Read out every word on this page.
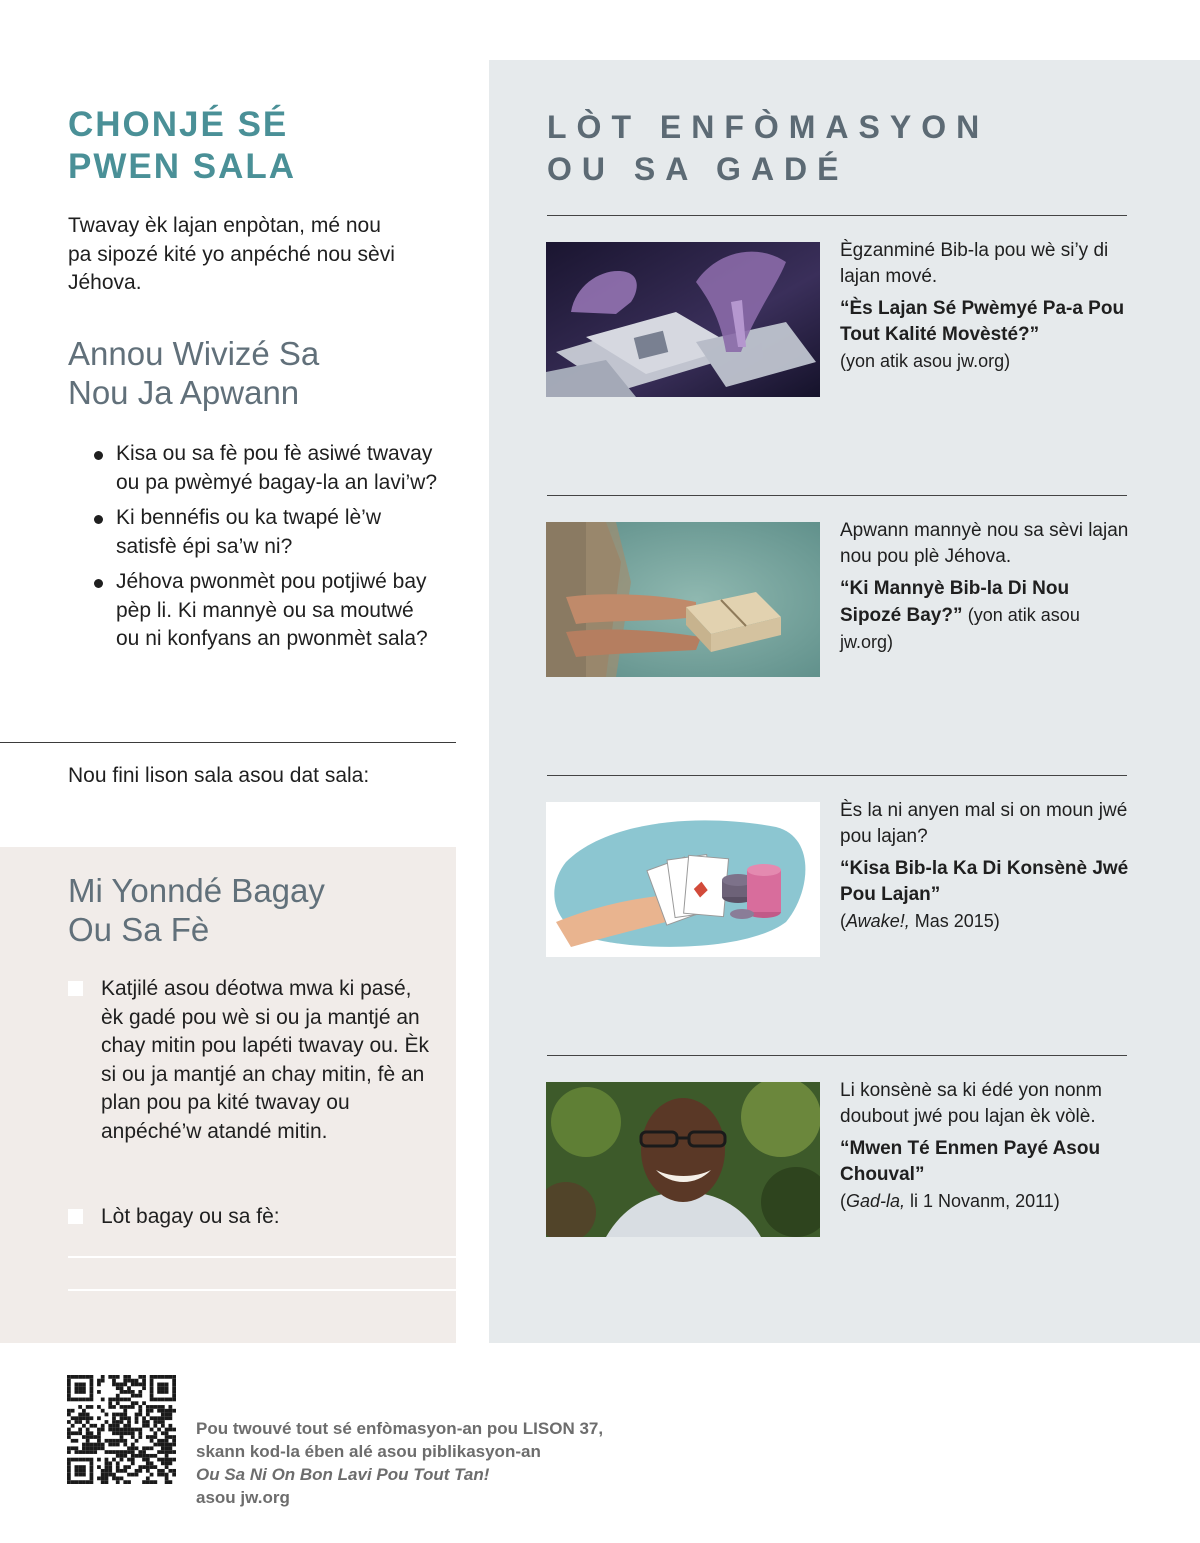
CHONJÉ SÉ
PWEN SALA

Twavay èk lajan enpòtan, mé nou pa sipozé kité yo anpéché nou sèvi Jéhova.

Annou Wivizé Sa
Nou Ja Apwann
Kisa ou sa fè pou fè asiwé twavay ou pa pwèmyé bagay-la an lavi’w?
Ki bennéfis ou ka twapé lè’w satisfè épi sa’w ni?
Jéhova pwonmèt pou potjiwé bay pèp li. Ki mannyè ou sa moutwé ou ni konfyans an pwonmèt sala?

Nou fini lison sala asou dat sala:

Mi Yonndé Bagay
Ou Sa Fè

Katjilé asou déotwa mwa ki pasé, èk gadé pou wè si ou ja mantjé an chay mitin pou lapéti twavay ou. Èk si ou ja mantjé an chay mitin, fè an plan pou pa kité twavay ou anpéché’w atandé mitin.

Lòt bagay ou sa fè:

LÒT ENFÒMASYON
OU SA GADÉ

Ègzanminé Bib-la pou wè si’y di lajan mové.

“Ès Lajan Sé Pwèmyé Pa-a Pou Tout Kalité Movèsté?”
(yon atik asou jw.org)

Apwann mannyè nou sa sèvi lajan nou pou plè Jéhova.

“Ki Mannyè Bib-la Di Nou Sipozé Bay?” (yon atik asou jw.org)

Ès la ni anyen mal si on moun jwé pou lajan?

“Kisa Bib-la Ka Di Konsènè Jwé Pou Lajan”
(Awake!, Mas 2015)

Li konsènè sa ki édé yon nonm doubout jwé pou lajan èk vòlè.

“Mwen Té Enmen Payé Asou Chouval”
(Gad-la, li 1 Novanm, 2011)

Pou twouvé tout sé enfòmasyon-an pou LISON 37,
skann kod-la ében alé asou piblikasyon-an
Ou Sa Ni On Bon Lavi Pou Tout Tan!
asou jw.org
